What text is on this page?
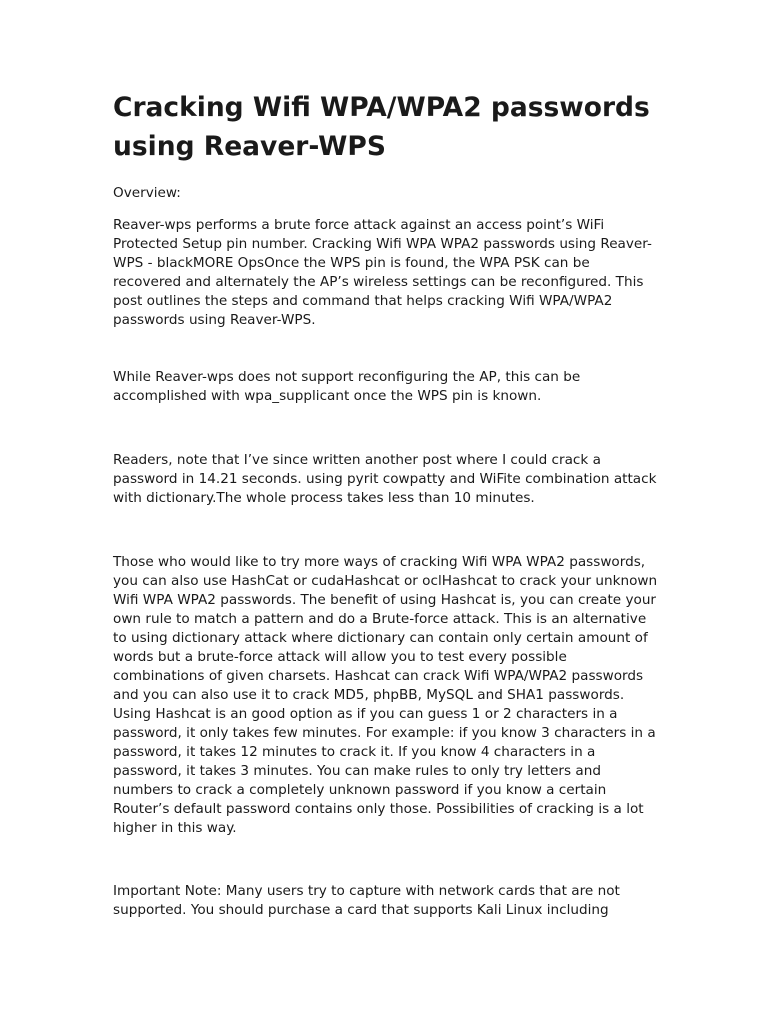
Cracking Wifi WPA/WPA2 passwords using Reaver-WPS
Overview:

Reaver-wps performs a brute force attack against an access point’s WiFi Protected Setup pin number. Cracking Wifi WPA WPA2 passwords using Reaver-WPS - blackMORE OpsOnce the WPS pin is found, the WPA PSK can be recovered and alternately the AP’s wireless settings can be reconfigured. This post outlines the steps and command that helps cracking Wifi WPA/WPA2 passwords using Reaver-WPS.

While Reaver-wps does not support reconfiguring the AP, this can be accomplished with wpa_supplicant once the WPS pin is known.

Readers, note that I’ve since written another post where I could crack a password in 14.21 seconds. using pyrit cowpatty and WiFite combination attack with dictionary.The whole process takes less than 10 minutes.

Those who would like to try more ways of cracking Wifi WPA WPA2 passwords, you can also use HashCat or cudaHashcat or oclHashcat to crack your unknown Wifi WPA WPA2 passwords. The benefit of using Hashcat is, you can create your own rule to match a pattern and do a Brute-force attack. This is an alternative to using dictionary attack where dictionary can contain only certain amount of words but a brute-force attack will allow you to test every possible combinations of given charsets. Hashcat can crack Wifi WPA/WPA2 passwords and you can also use it to crack MD5, phpBB, MySQL and SHA1 passwords. Using Hashcat is an good option as if you can guess 1 or 2 characters in a password, it only takes few minutes. For example: if you know 3 characters in a password, it takes 12 minutes to crack it. If you know 4 characters in a password, it takes 3 minutes. You can make rules to only try letters and numbers to crack a completely unknown password if you know a certain Router’s default password contains only those. Possibilities of cracking is a lot higher in this way.

Important Note: Many users try to capture with network cards that are not supported. You should purchase a card that supports Kali Linux including
